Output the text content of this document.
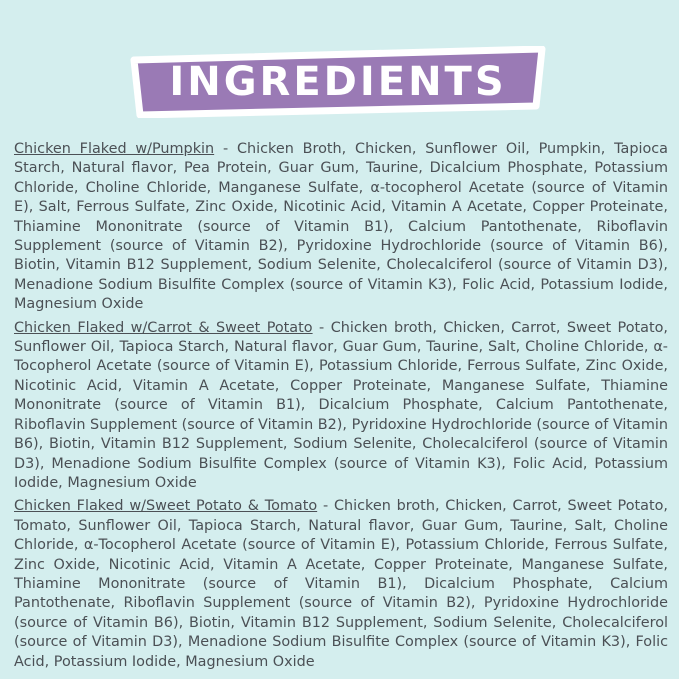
INGREDIENTS

Chicken Flaked w/Pumpkin - Chicken Broth, Chicken, Sunflower Oil, Pumpkin, Tapioca Starch, Natural flavor, Pea Protein, Guar Gum, Taurine, Dicalcium Phosphate, Potassium Chloride, Choline Chloride, Manganese Sulfate, α-tocopherol Acetate (source of Vitamin E), Salt, Ferrous Sulfate, Zinc Oxide, Nicotinic Acid, Vitamin A Acetate, Copper Proteinate, Thiamine Mononitrate (source of Vitamin B1), Calcium Pantothenate, Riboflavin Supplement (source of Vitamin B2), Pyridoxine Hydrochloride (source of Vitamin B6), Biotin, Vitamin B12 Supplement, Sodium Selenite, Cholecalciferol (source of Vitamin D3), Menadione Sodium Bisulfite Complex (source of Vitamin K3), Folic Acid, Potassium Iodide, Magnesium Oxide

Chicken Flaked w/Carrot & Sweet Potato - Chicken broth, Chicken, Carrot, Sweet Potato, Sunflower Oil, Tapioca Starch, Natural flavor, Guar Gum, Taurine, Salt, Choline Chloride, α-Tocopherol Acetate (source of Vitamin E), Potassium Chloride, Ferrous Sulfate, Zinc Oxide, Nicotinic Acid, Vitamin A Acetate, Copper Proteinate, Manganese Sulfate, Thiamine Mononitrate (source of Vitamin B1), Dicalcium Phosphate, Calcium Pantothenate, Riboflavin Supplement (source of Vitamin B2), Pyridoxine Hydrochloride (source of Vitamin B6), Biotin, Vitamin B12 Supplement, Sodium Selenite, Cholecalciferol (source of Vitamin D3), Menadione Sodium Bisulfite Complex (source of Vitamin K3), Folic Acid, Potassium Iodide, Magnesium Oxide

Chicken Flaked w/Sweet Potato & Tomato - Chicken broth, Chicken, Carrot, Sweet Potato, Tomato, Sunflower Oil, Tapioca Starch, Natural flavor, Guar Gum, Taurine, Salt, Choline Chloride, α-Tocopherol Acetate (source of Vitamin E), Potassium Chloride, Ferrous Sulfate, Zinc Oxide, Nicotinic Acid, Vitamin A Acetate, Copper Proteinate, Manganese Sulfate, Thiamine Mononitrate (source of Vitamin B1), Dicalcium Phosphate, Calcium Pantothenate, Riboflavin Supplement (source of Vitamin B2), Pyridoxine Hydrochloride (source of Vitamin B6), Biotin, Vitamin B12 Supplement, Sodium Selenite, Cholecalciferol (source of Vitamin D3), Menadione Sodium Bisulfite Complex (source of Vitamin K3), Folic Acid, Potassium Iodide, Magnesium Oxide
